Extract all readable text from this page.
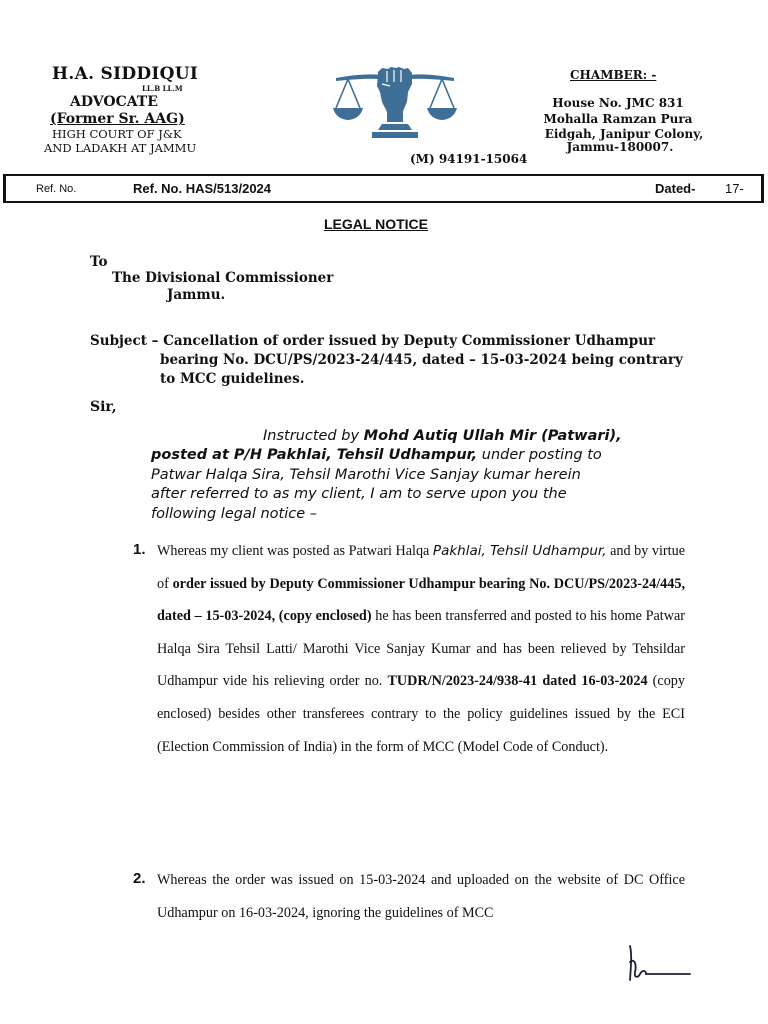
H.A. SIDDIQUI
LL.B LL.M
ADVOCATE
(Former Sr. AAG)
HIGH COURT OF J&K
AND LADAKH AT JAMMU
CHAMBER: -
House No. JMC 831
Mohalla Ramzan Pura
Eidgah, Janipur Colony,
Jammu-180007.
(M) 94191-15064
Ref. No.	Ref. No. HAS/513/2024	Dated- 17-
LEGAL NOTICE
To
The Divisional Commissioner
Jammu.
Subject – Cancellation of order issued by Deputy Commissioner Udhampur
bearing No. DCU/PS/2023-24/445, dated – 15-03-2024 being contrary
to MCC guidelines.
Sir,
Instructed by Mohd Autiq Ullah Mir (Patwari),
posted at P/H Pakhlai, Tehsil Udhampur, under posting to
Patwar Halqa Sira, Tehsil Marothi Vice Sanjay kumar herein
after referred to as my client, I am to serve upon you the
following legal notice –
1. Whereas my client was posted as Patwari Halqa Pakhlai, Tehsil Udhampur, and by virtue of order issued by Deputy Commissioner Udhampur bearing No. DCU/PS/2023-24/445, dated – 15-03-2024, (copy enclosed) he has been transferred and posted to his home Patwar Halqa Sira Tehsil Latti/ Marothi Vice Sanjay Kumar and has been relieved by Tehsildar Udhampur vide his relieving order no. TUDR/N/2023-24/938-41 dated 16-03-2024 (copy enclosed) besides other transferees contrary to the policy guidelines issued by the ECI (Election Commission of India) in the form of MCC (Model Code of Conduct).
2. Whereas the order was issued on 15-03-2024 and uploaded on the website of DC Office Udhampur on 16-03-2024, ignoring the guidelines of MCC
